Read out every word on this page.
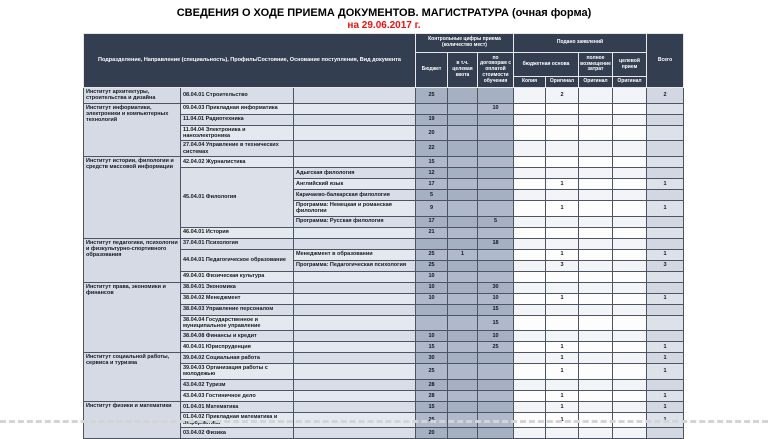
СВЕДЕНИЯ О ХОДЕ ПРИЕМА ДОКУМЕНТОВ. МАГИСТРАТУРА (очная форма)
на 29.06.2017 г.
Подразделение, Направление (специальность), Профиль/Состояние, Основание поступления, Вид документа			Контрольные цифры приема (количество мест)			Подано заявлений				Всего
			Бюджет	в т.ч. целевая квота	по договорам с оплатой стоимости обучения	бюджетная основа		полное возмещение затрат	целевой прием	
						Копия	Оригинал	Оригинал	Оригинал	
Институт архитектуры, строительства и дизайна	08.04.01 Строительство		25				2			2
Институт информатики, электроники и компьютерных технологий	09.04.03 Прикладная информатика				10					
	11.04.01 Радиотехника		19							
	11.04.04 Электроника и наноэлектроника		20							
	27.04.04 Управление в технических системах		22							
Институт истории, филологии и средств массовой информации	42.04.02 Журналистика		15							
	45.04.01 Филология	Адыгская филология	12							
		Английский язык	17				1			1
		Карачаево-балкарская филология	5							
		Программа: Немецкая и романская филологии	9				1			1
		Программа: Русская филология	17		5					
	46.04.01 История		21							
Институт педагогики, психологии и физкультурно-спортивного образования	37.04.01 Психология				18					
	44.04.01 Педагогическое образование	Менеджмент в образовании	25	1			1			1
		Программа: Педагогическая психология	25				3			3
	49.04.01 Физическая культура		10							
Институт права, экономики и финансов	38.04.01 Экономика		10		30					
	38.04.02 Менеджмент		10		10		1			1
	38.04.03 Управление персоналом				15					
	38.04.04 Государственное и муниципальное управление				15					
	38.04.08 Финансы и кредит		10		10					
	40.04.01 Юриспруденция		15		25		1			1
Институт социальной работы, сервиса и туризма	39.04.02 Социальная работа		30				1			1
	39.04.03 Организация работы с молодежью		25				1			1
	43.04.02 Туризм		28							
	43.04.03 Гостиничное дело		28				1			1
Институт физики и математики	01.04.01 Математика		15				1			1
	01.04.02 Прикладная математика и информатика		25				1			1
	03.04.02 Физика		20							
